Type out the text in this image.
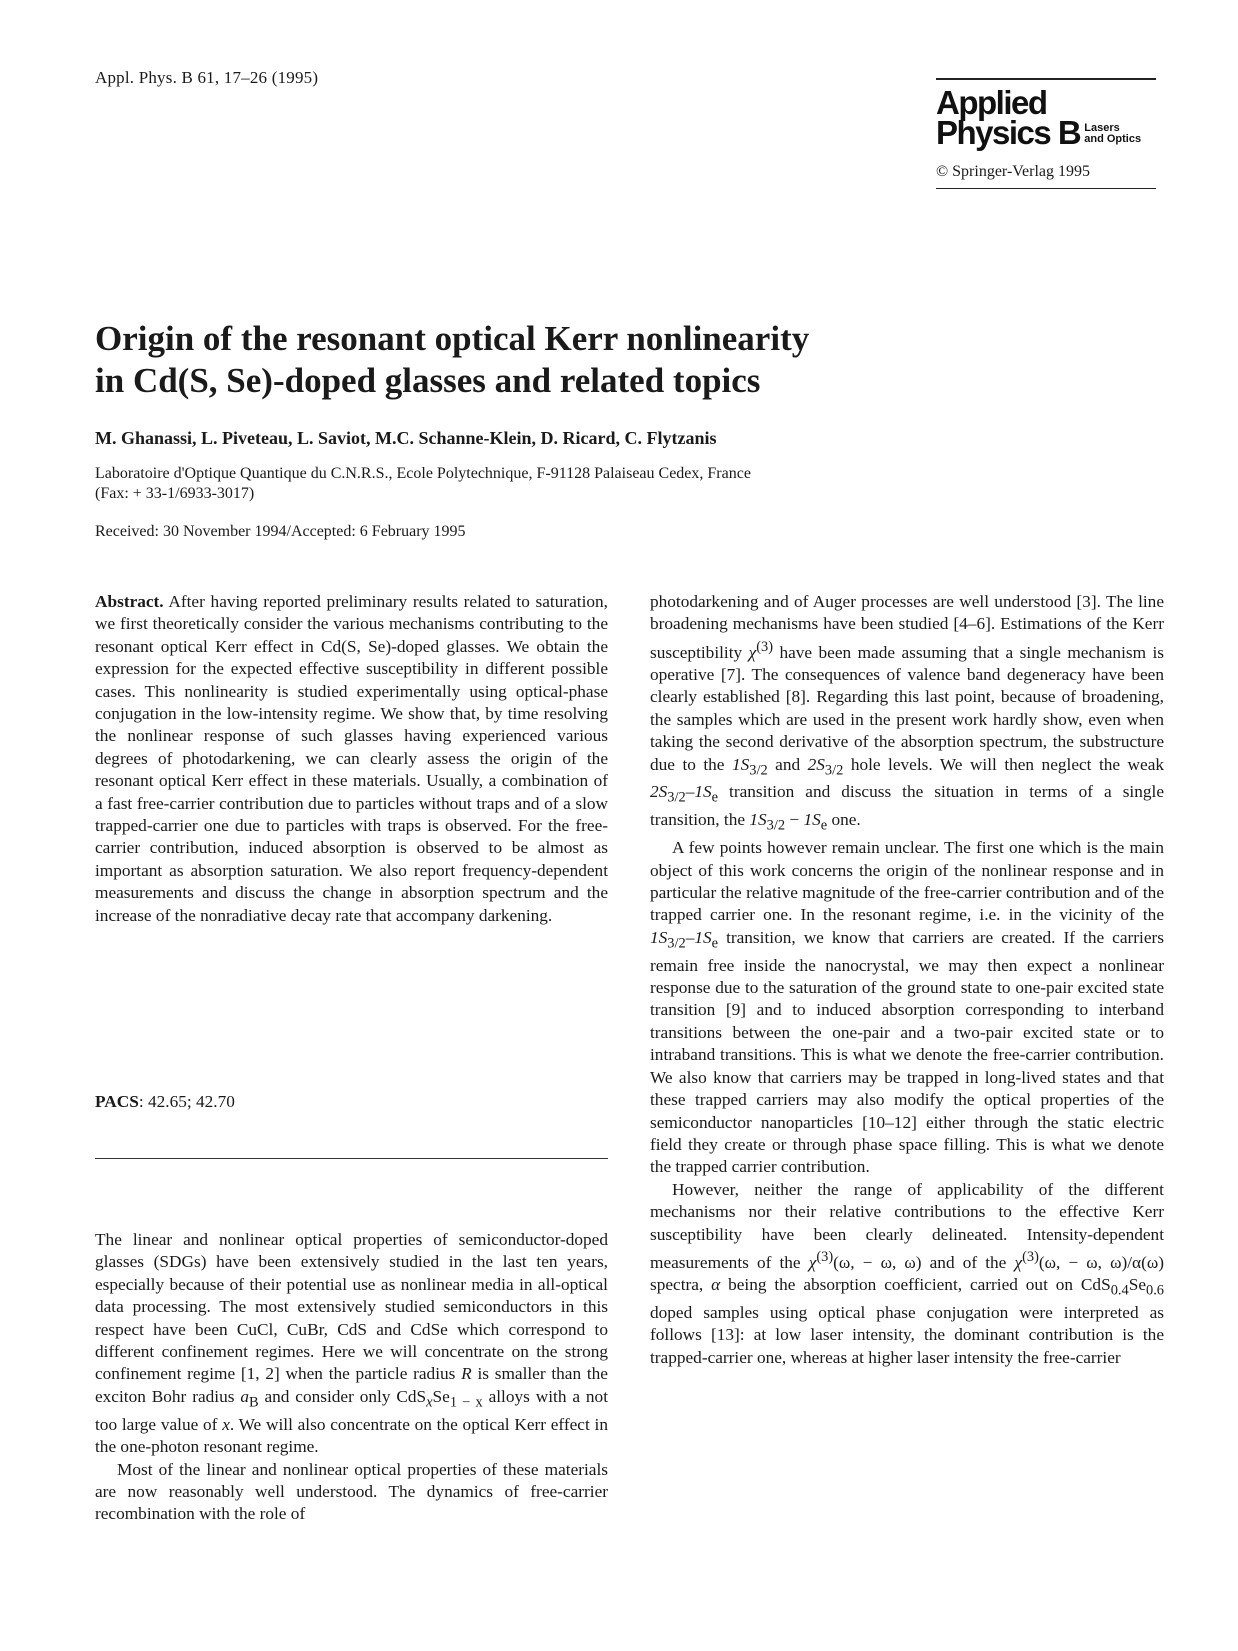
Appl. Phys. B 61, 17–26 (1995)
Applied
Physics B Lasers
and Optics
© Springer-Verlag 1995
Origin of the resonant optical Kerr nonlinearity
in Cd(S, Se)-doped glasses and related topics
M. Ghanassi, L. Piveteau, L. Saviot, M.C. Schanne-Klein, D. Ricard, C. Flytzanis
Laboratoire d'Optique Quantique du C.N.R.S., Ecole Polytechnique, F-91128 Palaiseau Cedex, France
(Fax: + 33-1/6933-3017)
Received: 30 November 1994/Accepted: 6 February 1995

Abstract. After having reported preliminary results related to saturation, we first theoretically consider the various mechanisms contributing to the resonant optical Kerr effect in Cd(S, Se)-doped glasses. We obtain the expression for the expected effective susceptibility in different possible cases. This nonlinearity is studied experimentally using optical-phase conjugation in the low-intensity regime. We show that, by time resolving the nonlinear response of such glasses having experienced various degrees of photodarkening, we can clearly assess the origin of the resonant optical Kerr effect in these materials. Usually, a combination of a fast free-carrier contribution due to particles without traps and of a slow trapped-carrier one due to particles with traps is observed. For the free-carrier contribution, induced absorption is observed to be almost as important as absorption saturation. We also report frequency-dependent measurements and discuss the change in absorption spectrum and the increase of the nonradiative decay rate that accompany darkening.

PACS: 42.65; 42.70

The linear and nonlinear optical properties of semiconductor-doped glasses (SDGs) have been extensively studied in the last ten years, especially because of their potential use as nonlinear media in all-optical data processing. The most extensively studied semiconductors in this respect have been CuCl, CuBr, CdS and CdSe which correspond to different confinement regimes. Here we will concentrate on the strong confinement regime [1, 2] when the particle radius R is smaller than the exciton Bohr radius $a_B$ and consider only $CdS_xSe_{1 - x}$ alloys with a not too large value of x. We will also concentrate on the optical Kerr effect in the one-photon resonant regime.

Most of the linear and nonlinear optical properties of these materials are now reasonably well understood. The dynamics of free-carrier recombination with the role of

photodarkening and of Auger processes are well understood [3]. The line broadening mechanisms have been studied [4–6]. Estimations of the Kerr susceptibility $\chi^{(3)}$ have been made assuming that a single mechanism is operative [7]. The consequences of valence band degeneracy have been clearly established [8]. Regarding this last point, because of broadening, the samples which are used in the present work hardly show, even when taking the second derivative of the absorption spectrum, the substructure due to the $1S_{3/2}$ and $2S_{3/2}$ hole levels. We will then neglect the weak $2S_{3/2}-1S_e$ transition and discuss the situation in terms of a single transition, the $1S_{3/2} - 1S_e$ one.

A few points however remain unclear. The first one which is the main object of this work concerns the origin of the nonlinear response and in particular the relative magnitude of the free-carrier contribution and of the trapped carrier one. In the resonant regime, i.e. in the vicinity of the $1S_{3/2}-1S_e$ transition, we know that carriers are created. If the carriers remain free inside the nanocrystal, we may then expect a nonlinear response due to the saturation of the ground state to one-pair excited state transition [9] and to induced absorption corresponding to interband transitions between the one-pair and a two-pair excited state or to intraband transitions. This is what we denote the free-carrier contribution. We also know that carriers may be trapped in long-lived states and that these trapped carriers may also modify the optical properties of the semiconductor nanoparticles [10–12] either through the static electric field they create or through phase space filling. This is what we denote the trapped carrier contribution.

However, neither the range of applicability of the different mechanisms nor their relative contributions to the effective Kerr susceptibility have been clearly delineated. Intensity-dependent measurements of the $\chi^{(3)}(\omega$, − ω, ω) and of the $\chi^{(3)}(\omega$, − ω, ω)/α(ω) spectra, α being the absorption coefficient, carried out on $CdS_{0.4}Se_{0.6}$ doped samples using optical phase conjugation were interpreted as follows [13]: at low laser intensity, the dominant contribution is the trapped-carrier one, whereas at higher laser intensity the free-carrier
